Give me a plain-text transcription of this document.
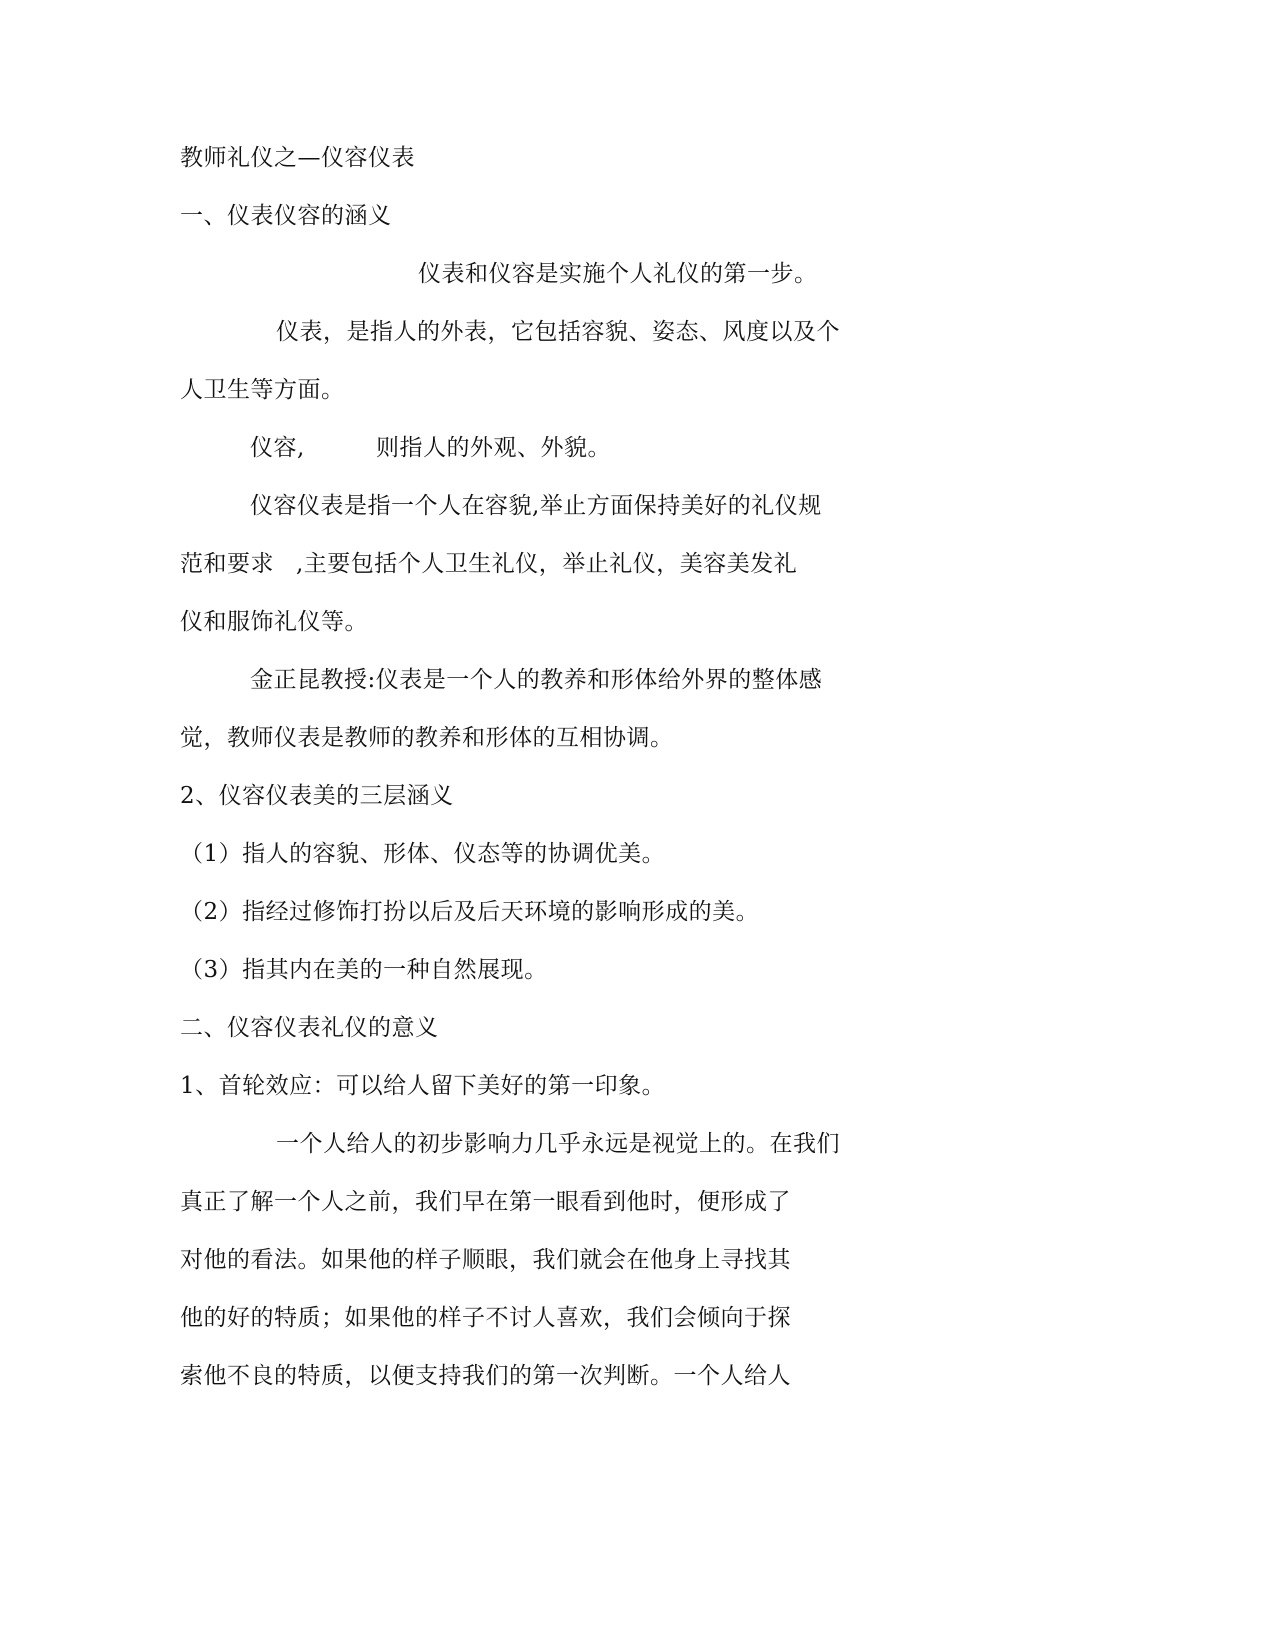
教师礼仪之—仪容仪表
一、仪表仪容的涵义
仪表和仪容是实施个人礼仪的第一步。
仪表，是指人的外表，它包括容貌、姿态、风度以及个
人卫生等方面。
仪容,	则指人的外观、外貌。
仪容仪表是指一个人在容貌,举止方面保持美好的礼仪规
范和要求 ,主要包括个人卫生礼仪，举止礼仪，美容美发礼
仪和服饰礼仪等。
金正昆教授:仪表是一个人的教养和形体给外界的整体感
觉，教师仪表是教师的教养和形体的互相协调。
2、仪容仪表美的三层涵义
（1）指人的容貌、形体、仪态等的协调优美。
（2）指经过修饰打扮以后及后天环境的影响形成的美。
（3）指其内在美的一种自然展现。
二、仪容仪表礼仪的意义
1、首轮效应：可以给人留下美好的第一印象。
一个人给人的初步影响力几乎永远是视觉上的。在我们
真正了解一个人之前，我们早在第一眼看到他时，便形成了
对他的看法。如果他的样子顺眼，我们就会在他身上寻找其
他的好的特质；如果他的样子不讨人喜欢，我们会倾向于探
索他不良的特质，以便支持我们的第一次判断。一个人给人
